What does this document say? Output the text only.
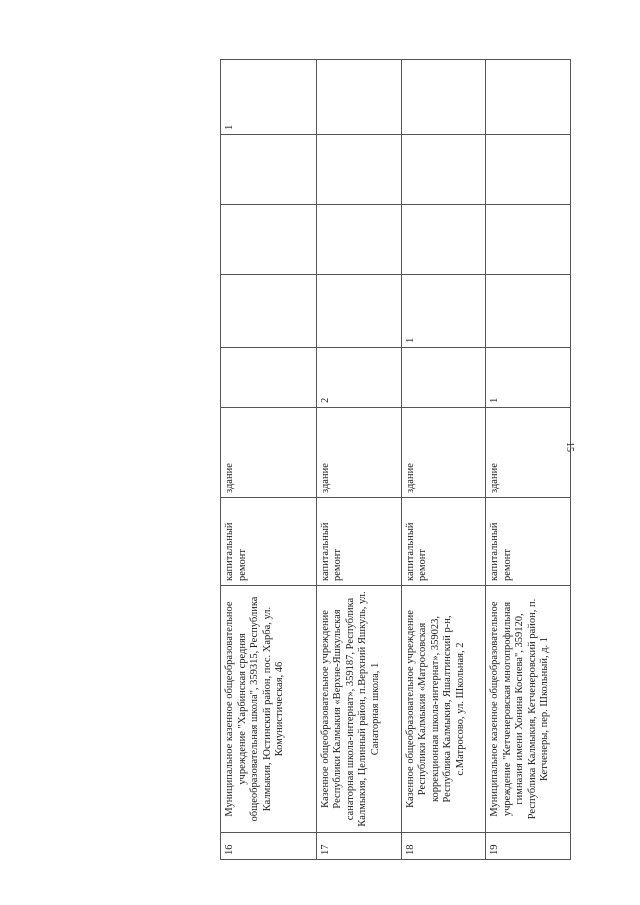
16	Муниципальное казенное общеобразовательное учреждение "Харбинская средняя общеобразовательная школа", 359315, Республика Калмыкия, Юстинский район, пос. Харба, ул. Комунистическая, 46	капитальный ремонт	здание					1
17	Казенное общеобразовательное учреждение Республики Калмыкия «Верхне-Яшкульская санаторная школа-интернат», 359187, Республика Калмыкия, Целинный район, п.Верхний Яшкуль, ул. Санаторная школа, 1	капитальный ремонт	здание	2				
18	Казенное общеобразовательное учреждение Республики Калмыкия «Матросовская коррекционная школа-интернат», 359023, Республика Калмыкия, Яшалтинский р-н, с.Матросово, ул. Школьная, 2	капитальный ремонт	здание		1			
19	Муниципальное казенное общеобразовательное учреждение "Кетченеровская многопрофильная гимназия имени Хонина Косиева", 359120, Республика Калмыкия, Кетченеровский район, п. Кетченеры, пер. Школьный, д. 1	капитальный ремонт	здание	1				
15
